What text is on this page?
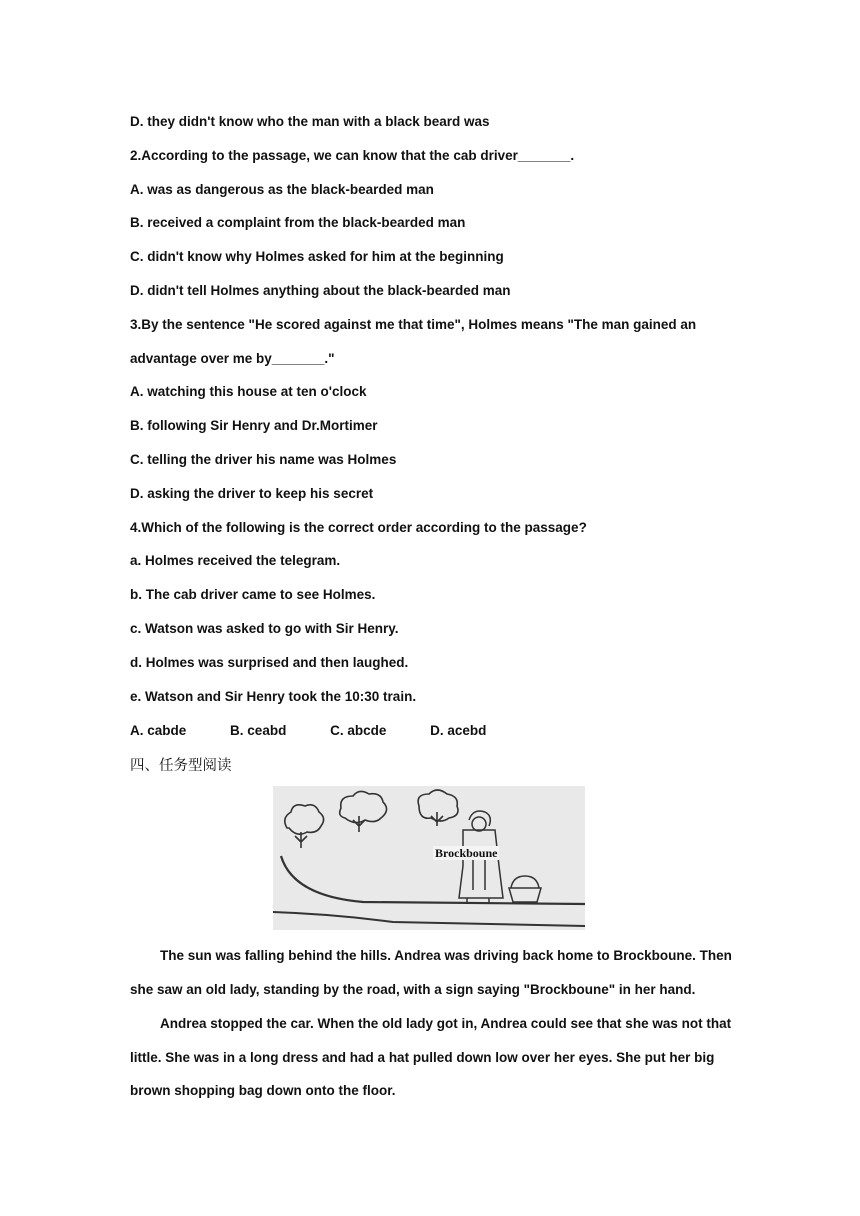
D. they didn't know who the man with a black beard was
2.According to the passage, we can know that the cab driver_______.
A. was as dangerous as the black-bearded man
B. received a complaint from the black-bearded man
C. didn't know why Holmes asked for him at the beginning
D. didn't tell Holmes anything about the black-bearded man
3.By the sentence "He scored against me that time", Holmes means "The man gained an
advantage over me by_______."
A. watching this house at ten o'clock
B. following Sir Henry and Dr.Mortimer
C. telling the driver his name was Holmes
D. asking the driver to keep his secret
4.Which of the following is the correct order according to the passage?
a. Holmes received the telegram.
b. The cab driver came to see Holmes.
c. Watson was asked to go with Sir Henry.
d. Holmes was surprised and then laughed.
e. Watson and Sir Henry took the 10:30 train.
A. cabde	B. ceabd	C. abcde	D. acebd
四、任务型阅读
The sun was falling behind the hills. Andrea was driving back home to Brockboune. Then
she saw an old lady, standing by the road, with a sign saying "Brockboune" in her hand.
Andrea stopped the car. When the old lady got in, Andrea could see that she was not that
little. She was in a long dress and had a hat pulled down low over her eyes. She put her big
brown shopping bag down onto the floor.
Brockboune
